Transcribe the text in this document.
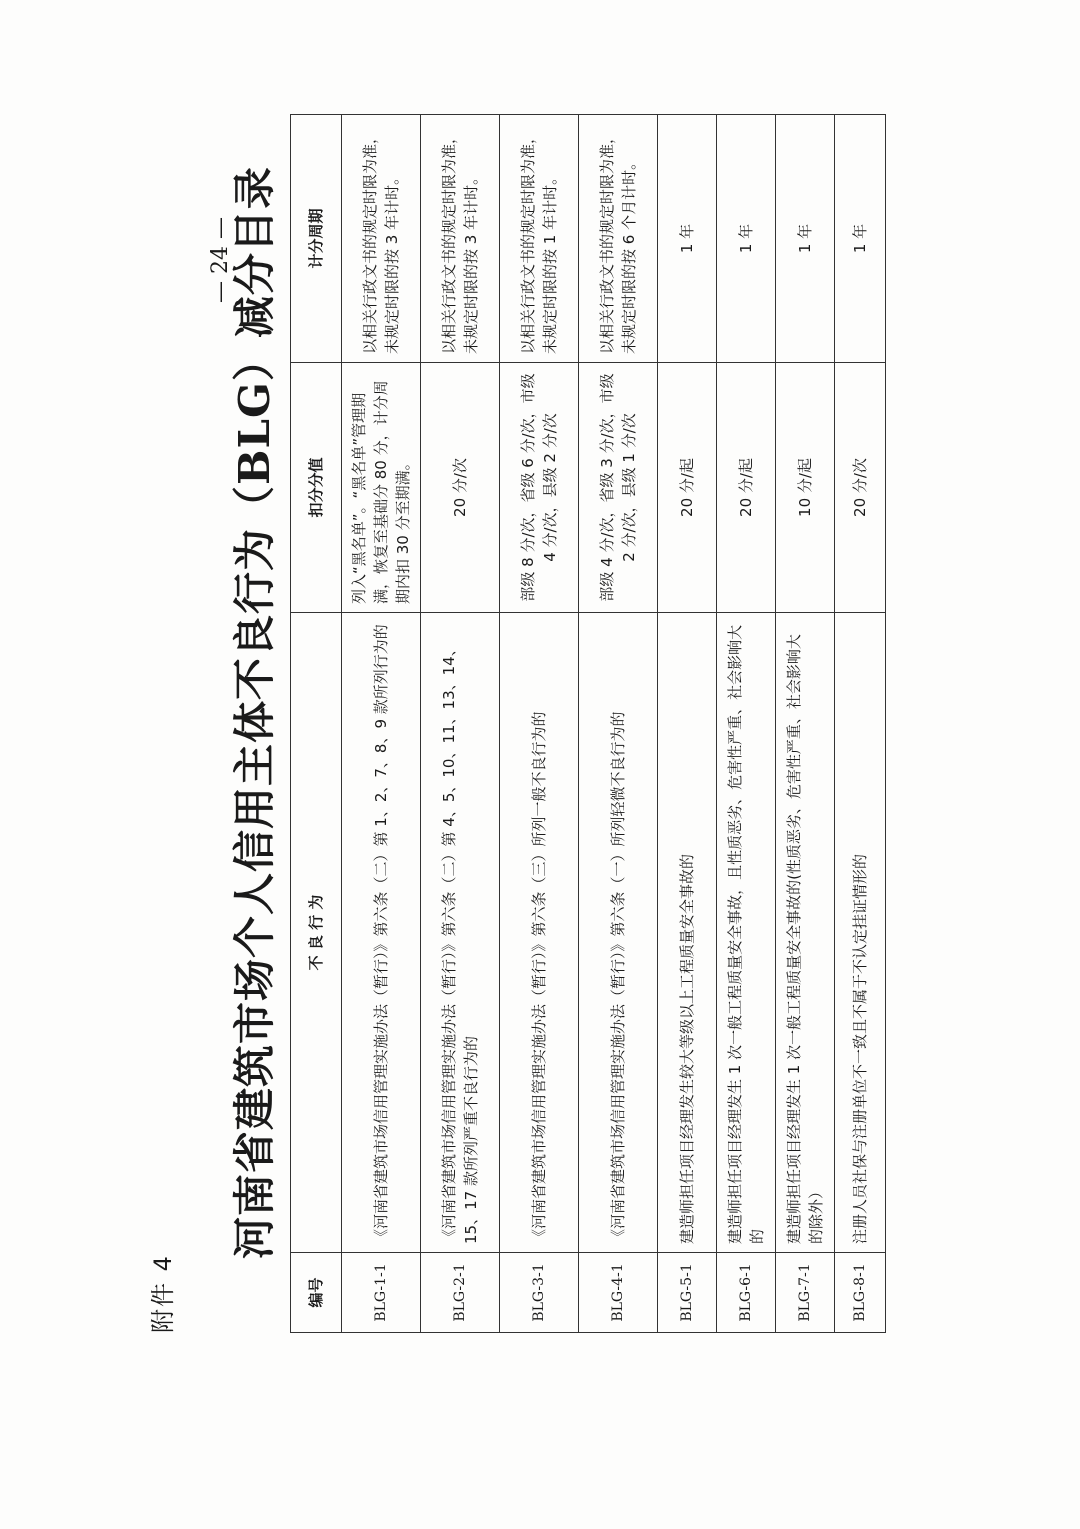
附件 4
河南省建筑市场个人信用主体不良行为（BLG）减分目录
— 24 —
编号	不 良 行 为	扣分分值	计分周期
BLG-1-1	《河南省建筑市场信用管理实施办法（暂行）》第六条（二）第 1、2、7、8、9 款所列行为的	列入“黑名单”。“黑名单”管理期满，恢复至基础分 80 分，计分周期内扣 30 分至期满。	以相关行政文书的规定时限为准，未规定时限的按 3 年计时。
BLG-2-1	《河南省建筑市场信用管理实施办法（暂行）》第六条（二）第 4、5、10、11、13、14、15、17 款所列严重不良行为的	20 分/次	以相关行政文书的规定时限为准，未规定时限的按 3 年计时。
BLG-3-1	《河南省建筑市场信用管理实施办法（暂行）》第六条（三）所列一般不良行为的	部级 8 分/次，省级 6 分/次，市级 4 分/次，县级 2 分/次	以相关行政文书的规定时限为准，未规定时限的按 1 年计时。
BLG-4-1	《河南省建筑市场信用管理实施办法（暂行）》第六条（一）所列轻微不良行为的	部级 4 分/次，省级 3 分/次，市级 2 分/次，县级 1 分/次	以相关行政文书的规定时限为准，未规定时限的按 6 个月计时。
BLG-5-1	建造师担任项目经理发生较大等级以上工程质量安全事故的	20 分/起	1 年
BLG-6-1	建造师担任项目经理发生 1 次一般工程质量安全事故，且性质恶劣、危害性严重、社会影响大的	20 分/起	1 年
BLG-7-1	建造师担任项目经理发生 1 次一般工程质量安全事故的(性质恶劣、危害性严重、社会影响大的除外）	10 分/起	1 年
BLG-8-1	注册人员社保与注册单位不一致且不属于不认定挂证情形的	20 分/次	1 年
